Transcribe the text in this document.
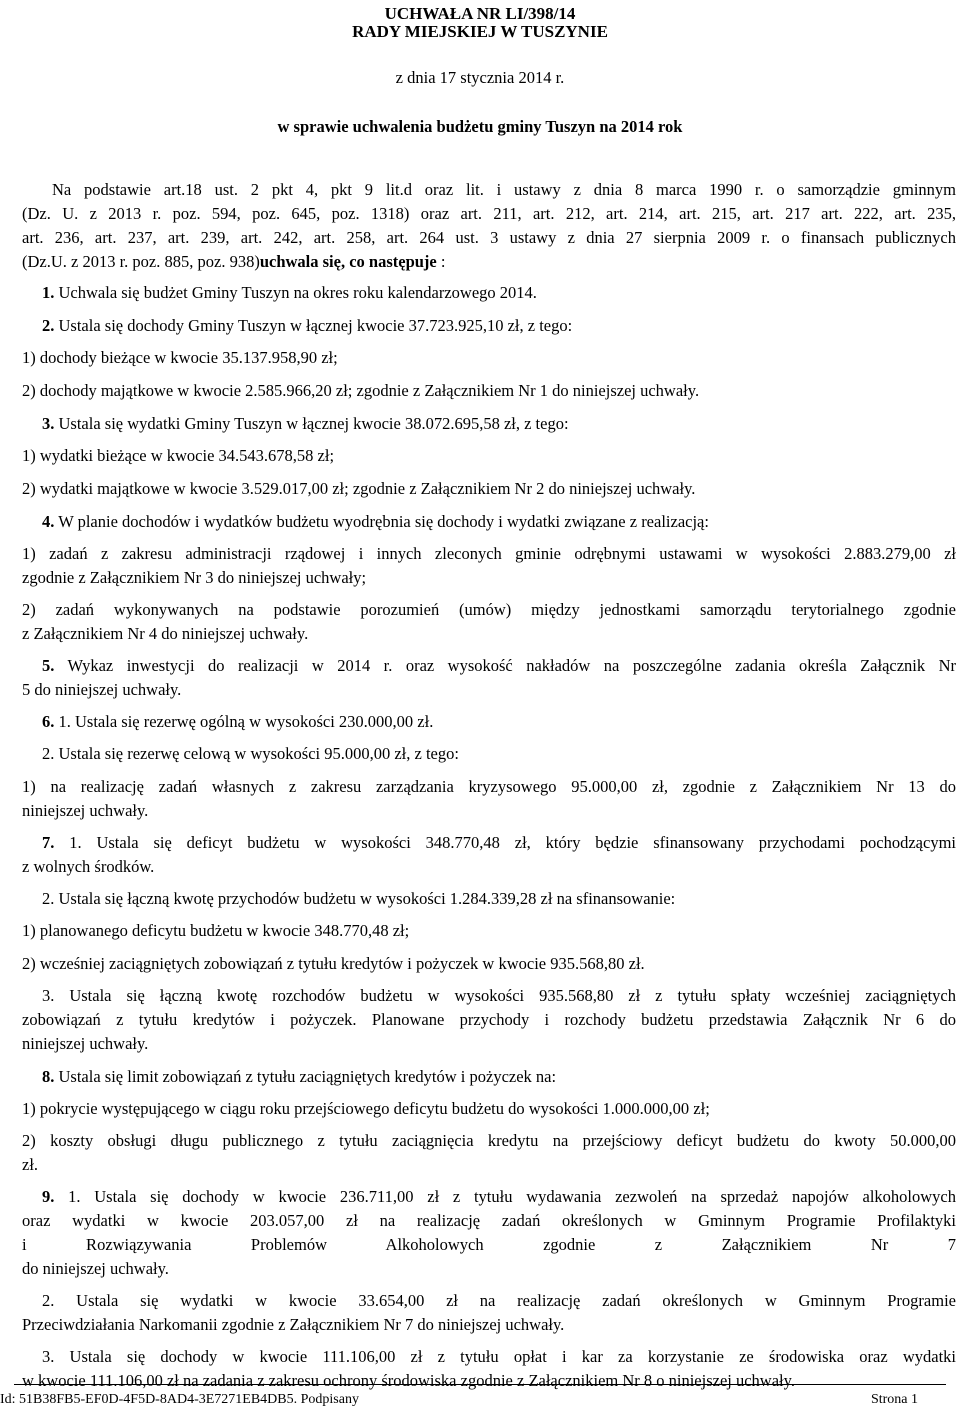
UCHWAŁA NR LI/398/14
RADY MIEJSKIEJ W TUSZYNIE
z dnia 17 stycznia 2014 r.
w sprawie uchwalenia budżetu gminy Tuszyn na 2014 rok
Na podstawie art.18 ust. 2 pkt 4, pkt 9 lit.d oraz lit. i ustawy z dnia 8 marca 1990 r. o samorządzie gminnym
(Dz. U. z 2013 r. poz. 594, poz. 645, poz. 1318) oraz art. 211, art. 212, art. 214, art. 215, art. 217 art. 222, art. 235,
art. 236, art. 237, art. 239, art. 242, art. 258, art. 264 ust. 3 ustawy z dnia 27 sierpnia 2009 r. o finansach publicznych
(Dz.U. z 2013 r. poz. 885, poz. 938)uchwala się, co następuje :
1. Uchwala się budżet Gminy Tuszyn na okres roku kalendarzowego 2014.
2. Ustala się dochody Gminy Tuszyn w łącznej kwocie 37.723.925,10 zł, z tego:
1) dochody bieżące w kwocie 35.137.958,90 zł;
2) dochody majątkowe w kwocie 2.585.966,20 zł; zgodnie z Załącznikiem Nr 1 do niniejszej uchwały.
3. Ustala się wydatki Gminy Tuszyn w łącznej kwocie 38.072.695,58 zł, z tego:
1) wydatki bieżące w kwocie 34.543.678,58 zł;
2) wydatki majątkowe w kwocie 3.529.017,00 zł; zgodnie z Załącznikiem Nr 2 do niniejszej uchwały.
4. W planie dochodów i wydatków budżetu wyodrębnia się dochody i wydatki związane z realizacją:
1) zadań z zakresu administracji rządowej i innych zleconych gminie odrębnymi ustawami w wysokości 2.883.279,00 zł
zgodnie z Załącznikiem Nr 3 do niniejszej uchwały;
2) zadań wykonywanych na podstawie porozumień (umów) między jednostkami samorządu terytorialnego zgodnie
z Załącznikiem Nr 4 do niniejszej uchwały.
5. Wykaz inwestycji do realizacji w 2014 r. oraz wysokość nakładów na poszczególne zadania określa Załącznik Nr
5 do niniejszej uchwały.
6. 1. Ustala się rezerwę ogólną w wysokości 230.000,00 zł.
2. Ustala się rezerwę celową w wysokości 95.000,00 zł, z tego:
1) na realizację zadań własnych z zakresu zarządzania kryzysowego 95.000,00 zł, zgodnie z Załącznikiem Nr 13 do
niniejszej uchwały.
7. 1. Ustala się deficyt budżetu w wysokości 348.770,48 zł, który będzie sfinansowany przychodami pochodzącymi
z wolnych środków.
2. Ustala się łączną kwotę przychodów budżetu w wysokości 1.284.339,28 zł na sfinansowanie:
1) planowanego deficytu budżetu w kwocie 348.770,48 zł;
2) wcześniej zaciągniętych zobowiązań z tytułu kredytów i pożyczek w kwocie 935.568,80 zł.
3. Ustala się łączną kwotę rozchodów budżetu w wysokości 935.568,80 zł z tytułu spłaty wcześniej zaciągniętych
zobowiązań z tytułu kredytów i pożyczek. Planowane przychody i rozchody budżetu przedstawia Załącznik Nr 6 do
niniejszej uchwały.
8. Ustala się limit zobowiązań z tytułu zaciągniętych kredytów i pożyczek na:
1) pokrycie występującego w ciągu roku przejściowego deficytu budżetu do wysokości 1.000.000,00 zł;
2) koszty obsługi długu publicznego z tytułu zaciągnięcia kredytu na przejściowy deficyt budżetu do kwoty 50.000,00
zł.
9. 1. Ustala się dochody w kwocie 236.711,00 zł z tytułu wydawania zezwoleń na sprzedaż napojów alkoholowych
oraz wydatki w kwocie 203.057,00 zł na realizację zadań określonych w Gminnym Programie Profilaktyki
i Rozwiązywania Problemów Alkoholowych zgodnie z Załącznikiem Nr 7
do niniejszej uchwały.
2. Ustala się wydatki w kwocie 33.654,00 zł na realizację zadań określonych w Gminnym Programie
Przeciwdziałania Narkomanii zgodnie z Załącznikiem Nr 7 do niniejszej uchwały.
3. Ustala się dochody w kwocie 111.106,00 zł z tytułu opłat i kar za korzystanie ze środowiska oraz wydatki
w kwocie 111.106,00 zł na zadania z zakresu ochrony środowiska zgodnie z Załącznikiem Nr 8 o niniejszej uchwały.
Id: 51B38FB5-EF0D-4F5D-8AD4-3E7271EB4DB5. Podpisany	Strona 1
